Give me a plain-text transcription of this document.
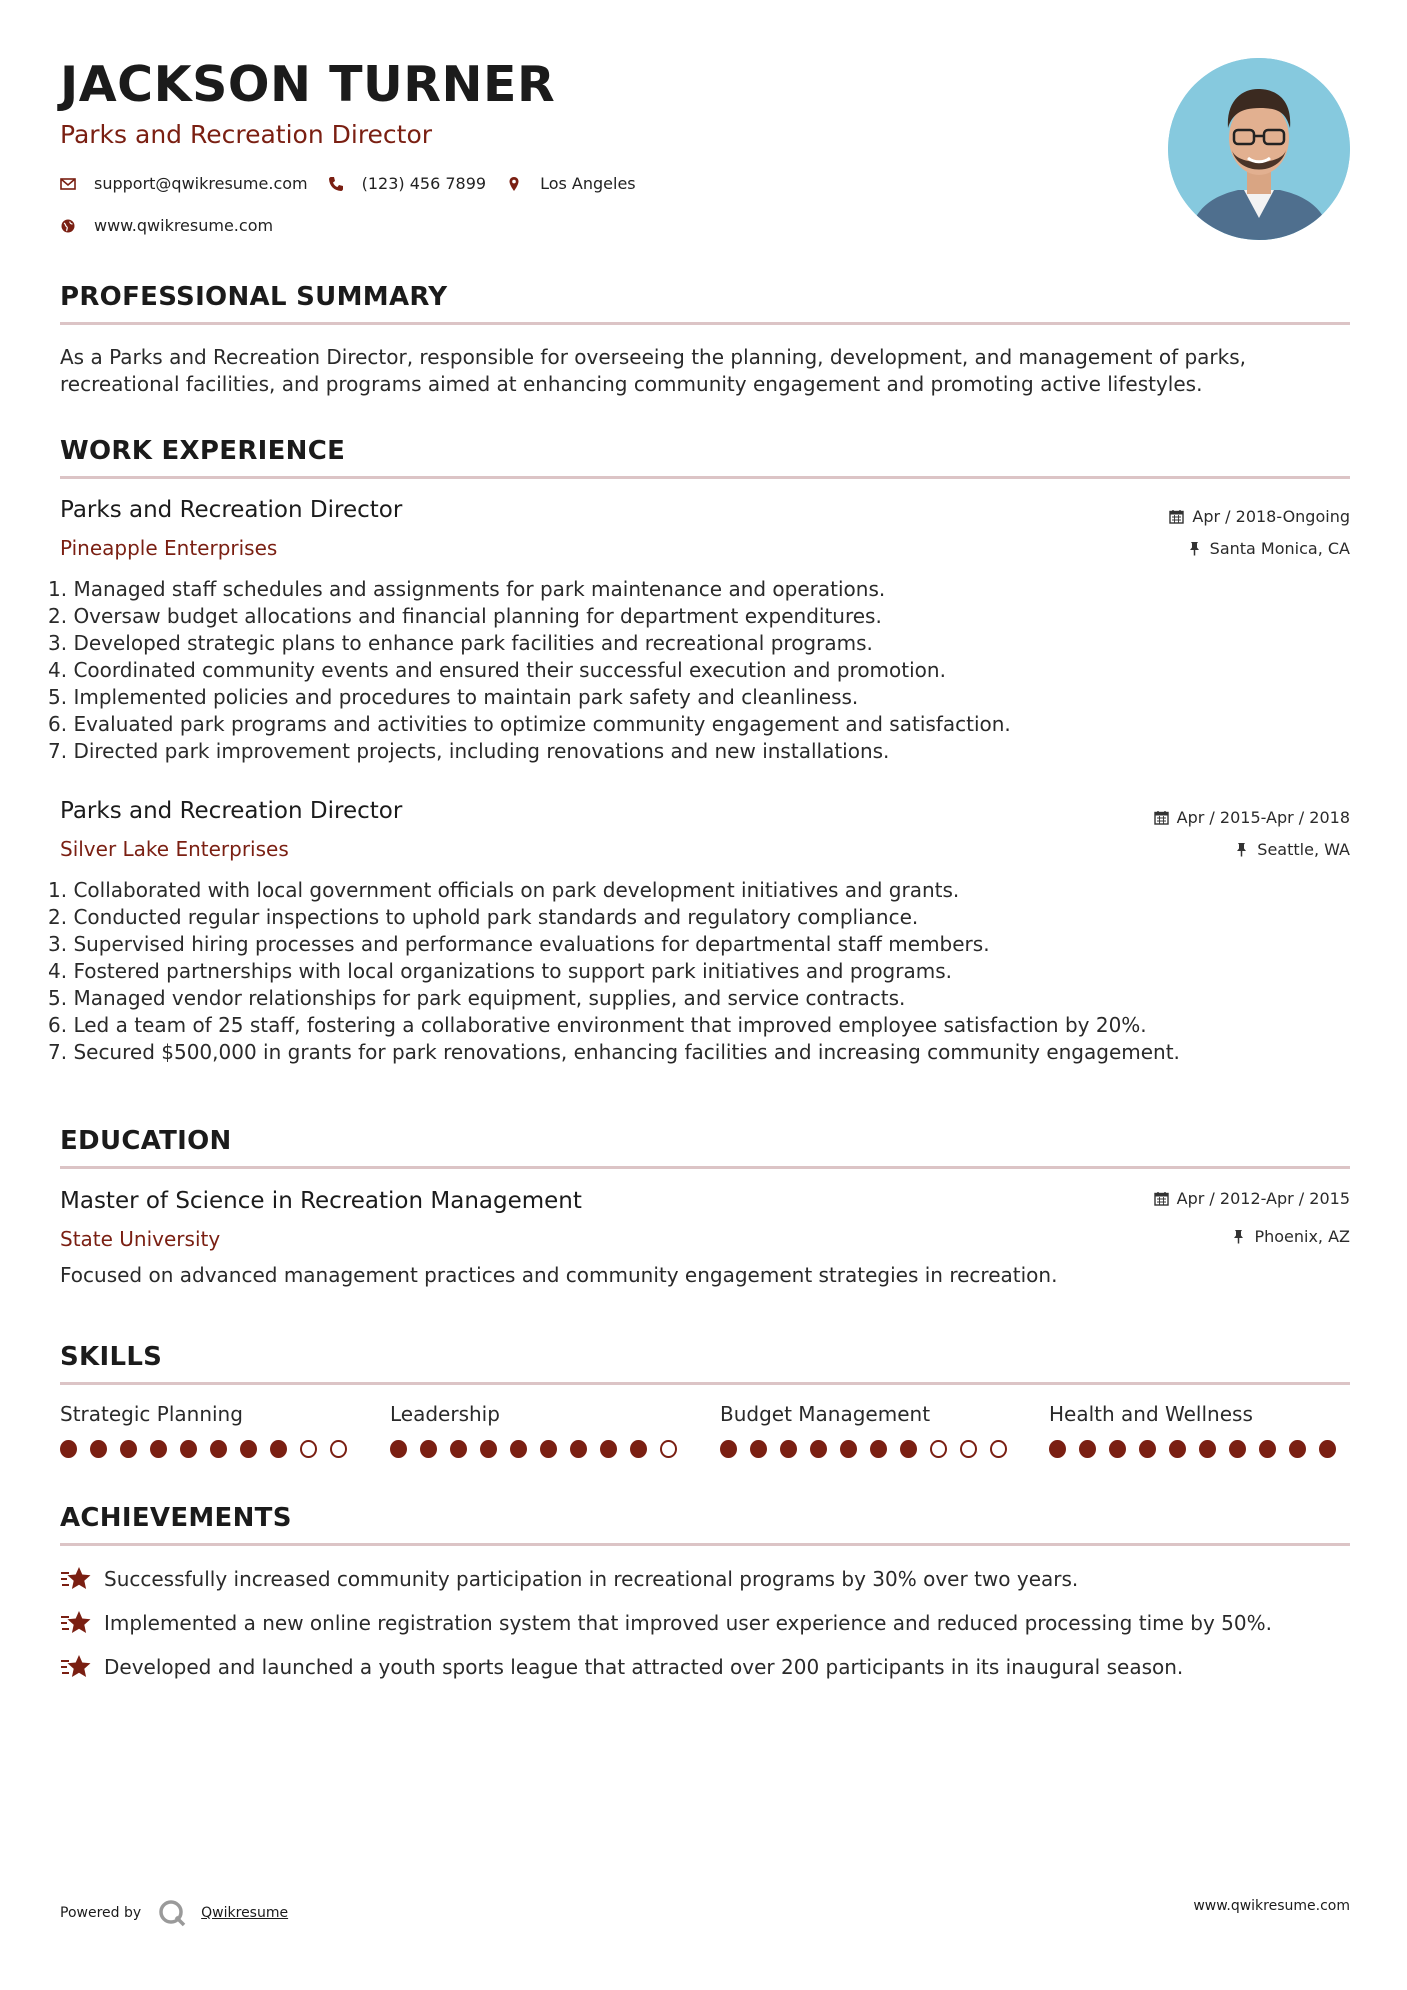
JACKSON TURNER
Parks and Recreation Director
support@qwikresume.com	(123) 456 7899	Los Angeles
www.qwikresume.com
PROFESSIONAL SUMMARY
As a Parks and Recreation Director, responsible for overseeing the planning, development, and management of parks, recreational facilities, and programs aimed at enhancing community engagement and promoting active lifestyles.
WORK EXPERIENCE
Parks and Recreation Director
Pineapple Enterprises
Apr / 2018-Ongoing
Santa Monica, CA
1. Managed staff schedules and assignments for park maintenance and operations.
2. Oversaw budget allocations and financial planning for department expenditures.
3. Developed strategic plans to enhance park facilities and recreational programs.
4. Coordinated community events and ensured their successful execution and promotion.
5. Implemented policies and procedures to maintain park safety and cleanliness.
6. Evaluated park programs and activities to optimize community engagement and satisfaction.
7. Directed park improvement projects, including renovations and new installations.
Parks and Recreation Director
Silver Lake Enterprises
Apr / 2015-Apr / 2018
Seattle, WA
1. Collaborated with local government officials on park development initiatives and grants.
2. Conducted regular inspections to uphold park standards and regulatory compliance.
3. Supervised hiring processes and performance evaluations for departmental staff members.
4. Fostered partnerships with local organizations to support park initiatives and programs.
5. Managed vendor relationships for park equipment, supplies, and service contracts.
6. Led a team of 25 staff, fostering a collaborative environment that improved employee satisfaction by 20%.
7. Secured $500,000 in grants for park renovations, enhancing facilities and increasing community engagement.
EDUCATION
Master of Science in Recreation Management
State University
Apr / 2012-Apr / 2015
Phoenix, AZ
Focused on advanced management practices and community engagement strategies in recreation.
SKILLS
Strategic Planning	Leadership	Budget Management	Health and Wellness
ACHIEVEMENTS
Successfully increased community participation in recreational programs by 30% over two years.
Implemented a new online registration system that improved user experience and reduced processing time by 50%.
Developed and launched a youth sports league that attracted over 200 participants in its inaugural season.
Powered by	Qwikresume	www.qwikresume.com
